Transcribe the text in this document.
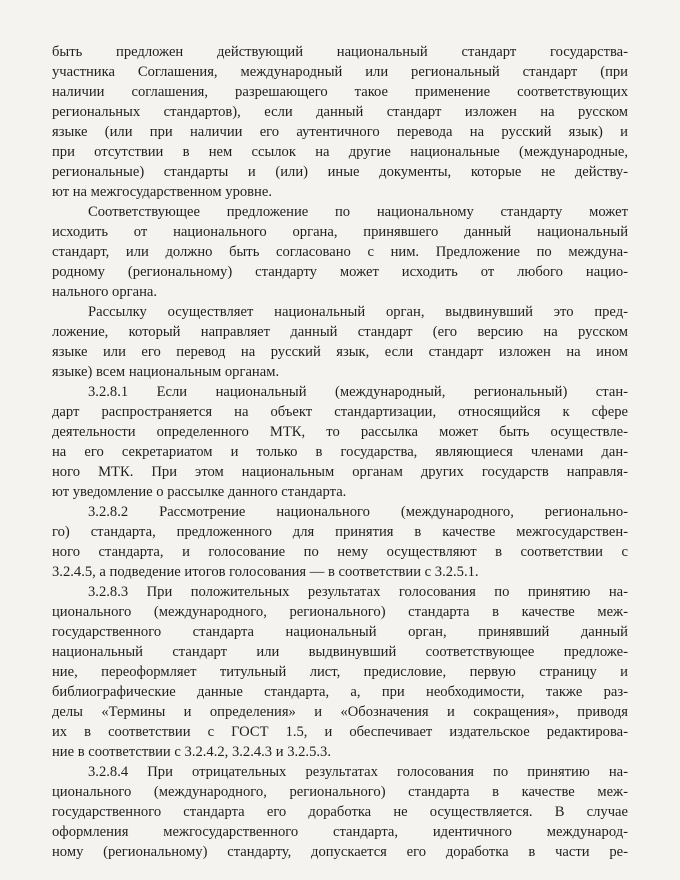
быть предложен действующий национальный стандарт государства-
участника Соглашения, международный или региональный стандарт (при
наличии соглашения, разрешающего такое применение соответствующих
региональных стандартов), если данный стандарт изложен на русском
языке (или при наличии его аутентичного перевода на русский язык) и
при отсутствии в нем ссылок на другие национальные (международные,
региональные) стандарты и (или) иные документы, которые не действу-
ют на межгосударственном уровне.
Соответствующее предложение по национальному стандарту может
исходить от национального органа, принявшего данный национальный
стандарт, или должно быть согласовано с ним. Предложение по междуна-
родному (региональному) стандарту может исходить от любого нацио-
нального органа.
Рассылку осуществляет национальный орган, выдвинувший это пред-
ложение, который направляет данный стандарт (его версию на русском
языке или его перевод на русский язык, если стандарт изложен на ином
языке) всем национальным органам.
3.2.8.1 Если национальный (международный, региональный) стан-
дарт распространяется на объект стандартизации, относящийся к сфере
деятельности определенного МТК, то рассылка может быть осуществле-
на его секретариатом и только в государства, являющиеся членами дан-
ного МТК. При этом национальным органам других государств направля-
ют уведомление о рассылке данного стандарта.
3.2.8.2 Рассмотрение национального (международного, регионально-
го) стандарта, предложенного для принятия в качестве межгосударствен-
ного стандарта, и голосование по нему осуществляют в соответствии с
3.2.4.5, а подведение итогов голосования — в соответствии с 3.2.5.1.
3.2.8.3 При положительных результатах голосования по принятию на-
ционального (международного, регионального) стандарта в качестве меж-
государственного стандарта национальный орган, принявший данный
национальный стандарт или выдвинувший соответствующее предложе-
ние, переоформляет титульный лист, предисловие, первую страницу и
библиографические данные стандарта, а, при необходимости, также раз-
делы «Термины и определения» и «Обозначения и сокращения», приводя
их в соответствии с ГОСТ 1.5, и обеспечивает издательское редактирова-
ние в соответствии с 3.2.4.2, 3.2.4.3 и 3.2.5.3.
3.2.8.4 При отрицательных результатах голосования по принятию на-
ционального (международного, регионального) стандарта в качестве меж-
государственного стандарта его доработка не осуществляется. В случае
оформления межгосударственного стандарта, идентичного международ-
ному (региональному) стандарту, допускается его доработка в части ре-
